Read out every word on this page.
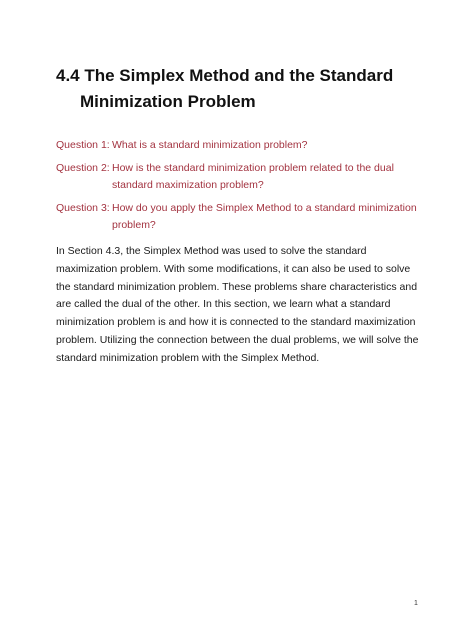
4.4 The Simplex Method and the Standard
Minimization Problem
Question 1: What is a standard minimization problem?
Question 2: How is the standard minimization problem related to the dual standard maximization problem?
Question 3: How do you apply the Simplex Method to a standard minimization problem?

In Section 4.3, the Simplex Method was used to solve the standard maximization problem. With some modifications, it can also be used to solve the standard minimization problem. These problems share characteristics and are called the dual of the other. In this section, we learn what a standard minimization problem is and how it is connected to the standard maximization problem. Utilizing the connection between the dual problems, we will solve the standard minimization problem with the Simplex Method.

1
